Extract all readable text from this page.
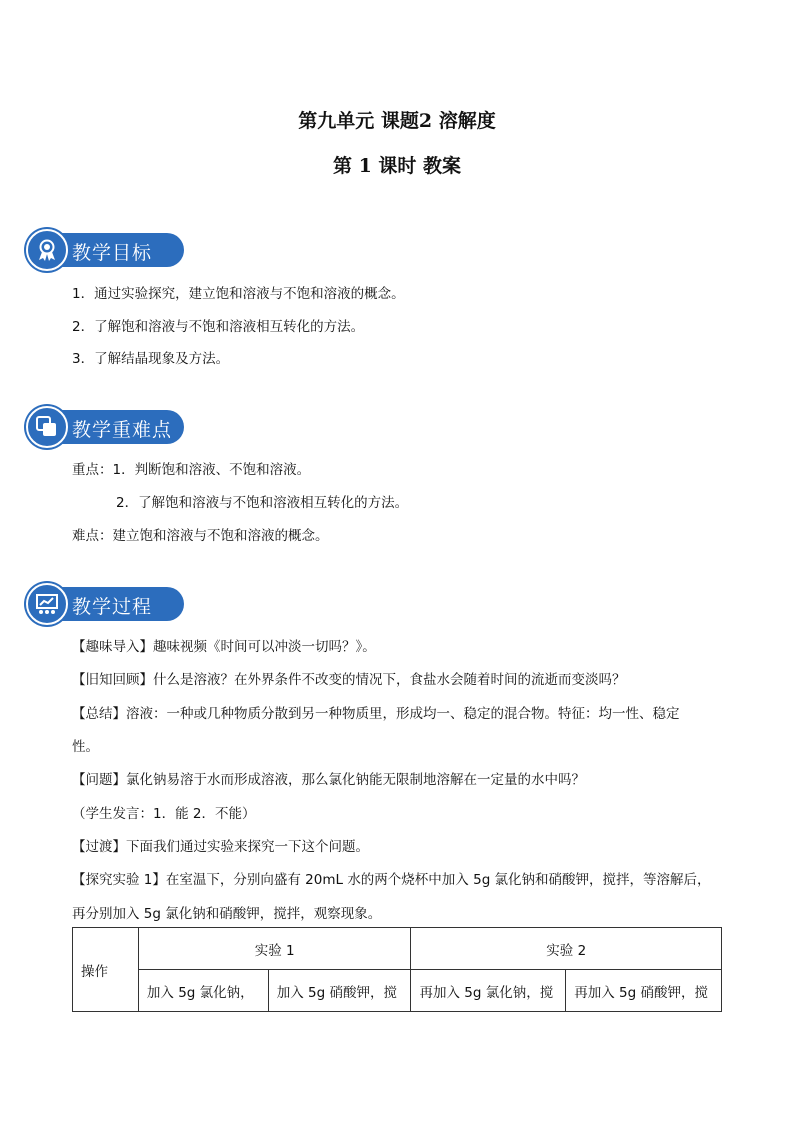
第九单元 课题2 溶解度
第 1 课时 教案
教学目标
1．通过实验探究，建立饱和溶液与不饱和溶液的概念。
2．了解饱和溶液与不饱和溶液相互转化的方法。
3．了解结晶现象及方法。
教学重难点
重点：1．判断饱和溶液、不饱和溶液。
2．了解饱和溶液与不饱和溶液相互转化的方法。
难点：建立饱和溶液与不饱和溶液的概念。
教学过程
【趣味导入】趣味视频《时间可以冲淡一切吗？》。
【旧知回顾】什么是溶液？在外界条件不改变的情况下，食盐水会随着时间的流逝而变淡吗？
【总结】溶液：一种或几种物质分散到另一种物质里，形成均一、稳定的混合物。特征：均一性、稳定
性。
【问题】氯化钠易溶于水而形成溶液，那么氯化钠能无限制地溶解在一定量的水中吗？
（学生发言：1．能 2．不能）
【过渡】下面我们通过实验来探究一下这个问题。
【探究实验 1】在室温下，分别向盛有 20mL 水的两个烧杯中加入 5g 氯化钠和硝酸钾，搅拌，等溶解后，
再分别加入 5g 氯化钠和硝酸钾，搅拌，观察现象。
操作	实验 1		实验 2	
	加入 5g 氯化钠，	加入 5g 硝酸钾，搅	再加入 5g 氯化钠，搅	再加入 5g 硝酸钾，搅
